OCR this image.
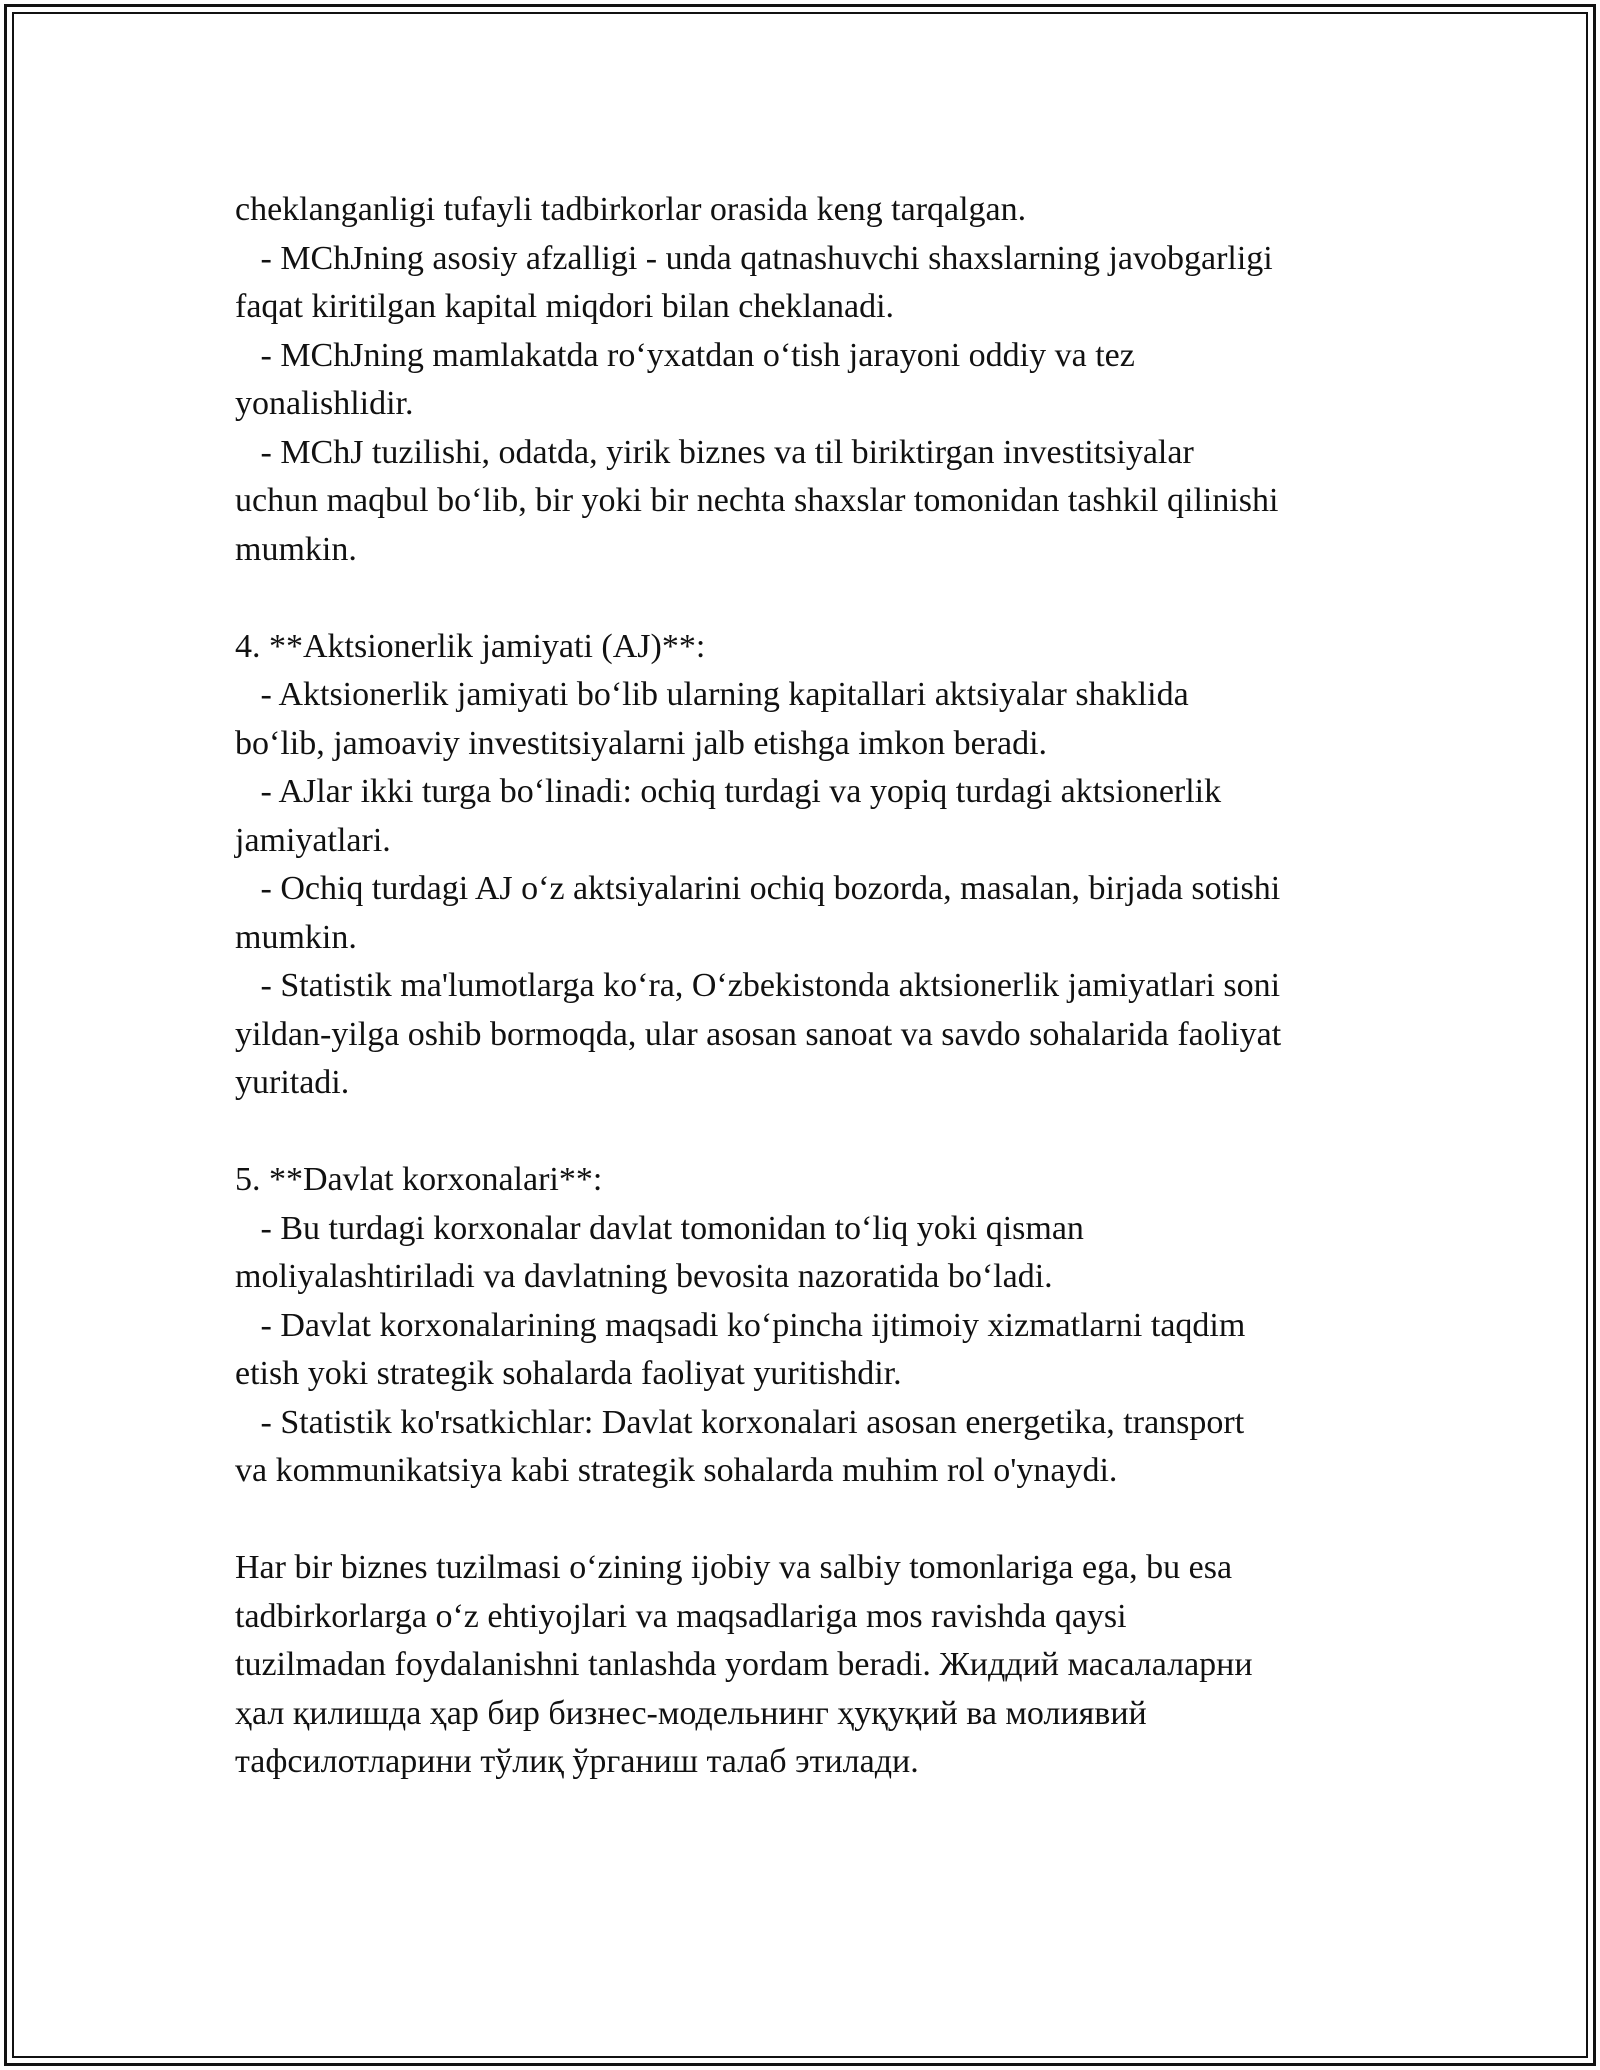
cheklanganligi tufayli tadbirkorlar orasida keng tarqalgan.
- MChJning asosiy afzalligi - unda qatnashuvchi shaxslarning javobgarligi
faqat kiritilgan kapital miqdori bilan cheklanadi.
- MChJning mamlakatda roʻyxatdan oʻtish jarayoni oddiy va tez
yonalishlidir.
- MChJ tuzilishi, odatda, yirik biznes va til biriktirgan investitsiyalar
uchun maqbul boʻlib, bir yoki bir nechta shaxslar tomonidan tashkil qilinishi
mumkin.
4. **Aktsionerlik jamiyati (AJ)**:
- Aktsionerlik jamiyati boʻlib ularning kapitallari aktsiyalar shaklida
boʻlib, jamoaviy investitsiyalarni jalb etishga imkon beradi.
- AJlar ikki turga boʻlinadi: ochiq turdagi va yopiq turdagi aktsionerlik
jamiyatlari.
- Ochiq turdagi AJ oʻz aktsiyalarini ochiq bozorda, masalan, birjada sotishi
mumkin.
- Statistik ma'lumotlarga koʻra, Oʻzbekistonda aktsionerlik jamiyatlari soni
yildan-yilga oshib bormoqda, ular asosan sanoat va savdo sohalarida faoliyat
yuritadi.
5. **Davlat korxonalari**:
- Bu turdagi korxonalar davlat tomonidan toʻliq yoki qisman
moliyalashtiriladi va davlatning bevosita nazoratida boʻladi.
- Davlat korxonalarining maqsadi koʻpincha ijtimoiy xizmatlarni taqdim
etish yoki strategik sohalarda faoliyat yuritishdir.
- Statistik ko'rsatkichlar: Davlat korxonalari asosan energetika, transport
va kommunikatsiya kabi strategik sohalarda muhim rol o'ynaydi.
Har bir biznes tuzilmasi oʻzining ijobiy va salbiy tomonlariga ega, bu esa
tadbirkorlarga oʻz ehtiyojlari va maqsadlariga mos ravishda qaysi
tuzilmadan foydalanishni tanlashda yordam beradi. Жиддий масалаларни
ҳал қилишда ҳар бир бизнес-модельнинг ҳуқуқий ва молиявий
тафсилотларини тўлиқ ўрганиш талаб этилади.
